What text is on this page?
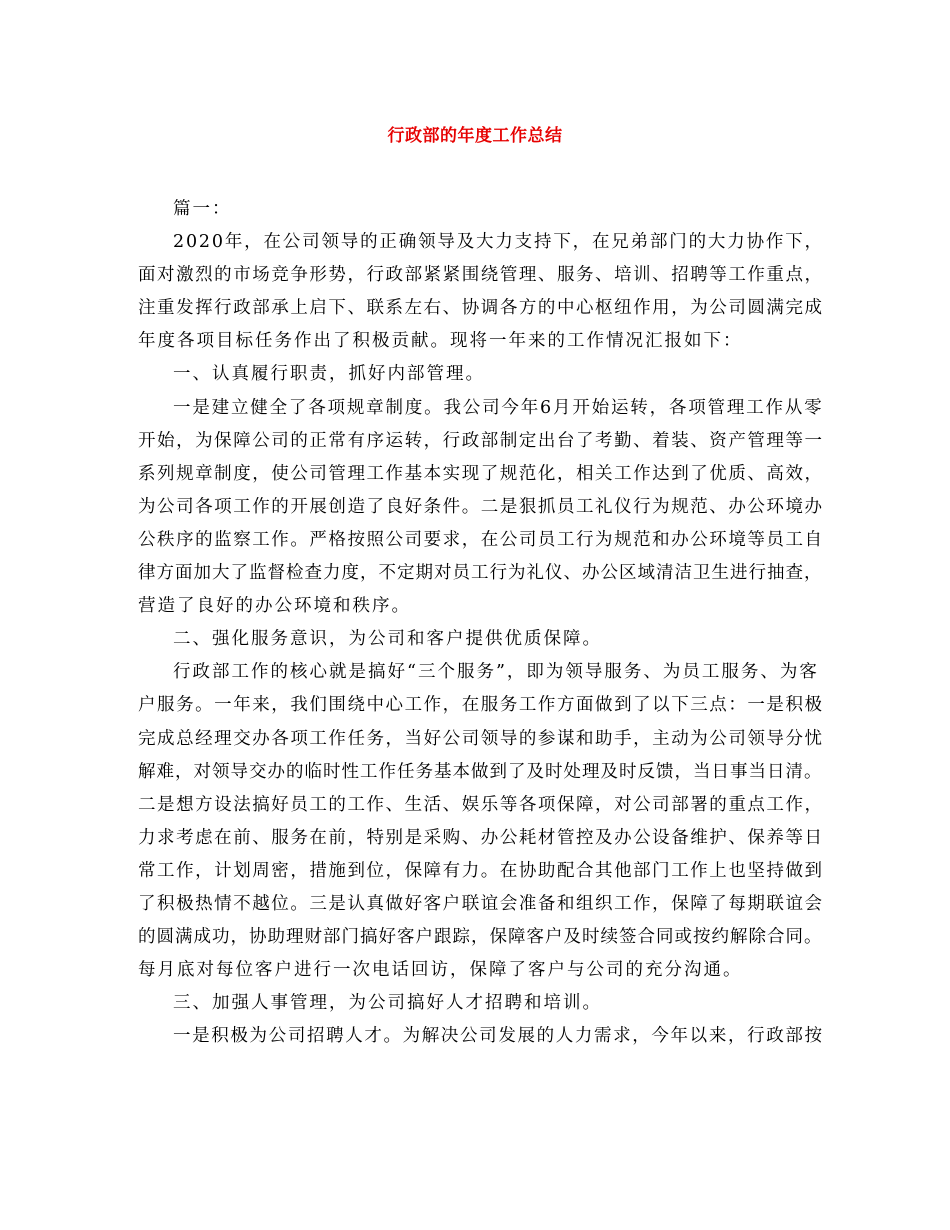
行政部的年度工作总结
篇一：
2020年，在公司领导的正确领导及大力支持下，在兄弟部门的大力协作下，
面对激烈的市场竞争形势，行政部紧紧围绕管理、服务、培训、招聘等工作重点，
注重发挥行政部承上启下、联系左右、协调各方的中心枢纽作用，为公司圆满完成
年度各项目标任务作出了积极贡献。现将一年来的工作情况汇报如下：
一、认真履行职责，抓好内部管理。
一是建立健全了各项规章制度。我公司今年6月开始运转，各项管理工作从零
开始，为保障公司的正常有序运转，行政部制定出台了考勤、着装、资产管理等一
系列规章制度，使公司管理工作基本实现了规范化，相关工作达到了优质、高效，
为公司各项工作的开展创造了良好条件。二是狠抓员工礼仪行为规范、办公环境办
公秩序的监察工作。严格按照公司要求，在公司员工行为规范和办公环境等员工自
律方面加大了监督检查力度，不定期对员工行为礼仪、办公区域清洁卫生进行抽查，
营造了良好的办公环境和秩序。
二、强化服务意识，为公司和客户提供优质保障。
行政部工作的核心就是搞好“三个服务”，即为领导服务、为员工服务、为客
户服务。一年来，我们围绕中心工作，在服务工作方面做到了以下三点：一是积极
完成总经理交办各项工作任务，当好公司领导的参谋和助手，主动为公司领导分忧
解难，对领导交办的临时性工作任务基本做到了及时处理及时反馈，当日事当日清。
二是想方设法搞好员工的工作、生活、娱乐等各项保障，对公司部署的重点工作，
力求考虑在前、服务在前，特别是采购、办公耗材管控及办公设备维护、保养等日
常工作，计划周密，措施到位，保障有力。在协助配合其他部门工作上也坚持做到
了积极热情不越位。三是认真做好客户联谊会准备和组织工作，保障了每期联谊会
的圆满成功，协助理财部门搞好客户跟踪，保障客户及时续签合同或按约解除合同。
每月底对每位客户进行一次电话回访，保障了客户与公司的充分沟通。
三、加强人事管理，为公司搞好人才招聘和培训。
一是积极为公司招聘人才。为解决公司发展的人力需求，今年以来，行政部按
